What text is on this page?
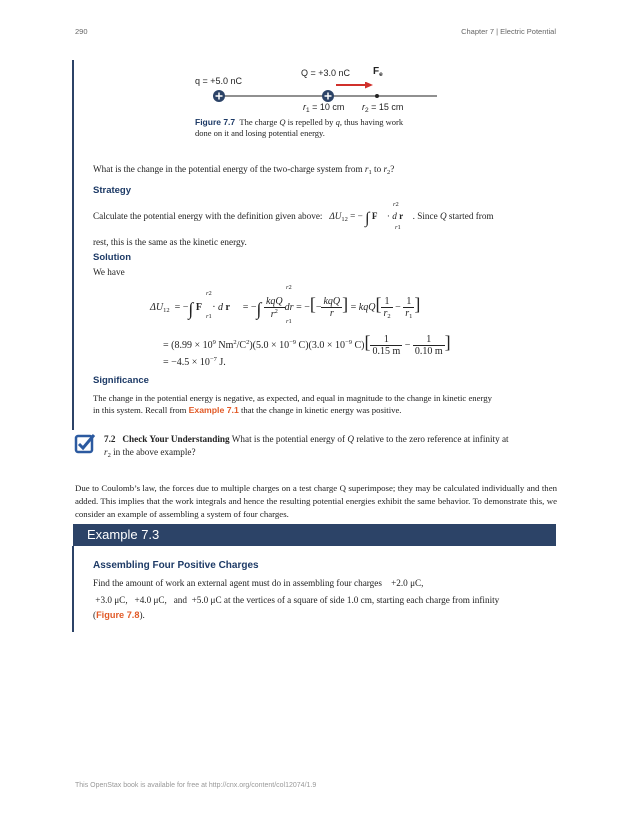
290	Chapter 7 | Electric Potential
q = +5.0 nC
Q = +3.0 nC $F_e$
$r_1 = 10$ cm $r_2 = 15$ cm
Figure 7.7 The charge Q is repelled by q, thus having work
done on it and losing potential energy.
What is the change in the potential energy of the two-charge system from $r_1$ to $r_2$?
Strategy
Calculate the potential energy with the definition given above: $\Delta U_{12}$ = − ∫ F⃗ · d r⃗ . Since Q started from
r2
r1
rest, this is the same as the kinetic energy.
Solution
We have
$\Delta U_{12}$  = −∫ F⃗ · d r⃗  = −∫ $\frac{\text{kqQ}}{r^2}$ dr = −[− $\frac{\text{kqQ}}{r}$ ] = $kqQ[ \frac{1}{r_2} - \frac{1}{r_1}$ ]
r2
r1
r2
r1
= ($8.99 \times 10^9$ $Nm^2/C^2)(5.0 \times 10^{-9}$ $C)(3.0 \times 10^{-9}$ $C)[ \frac{1}{0.15 m} - \frac{1}{0.10 m}$ ]
= $-4.5 \times 10^{-7}$ J.
Significance
The change in the potential energy is negative, as expected, and equal in magnitude to the change in kinetic energy
in this system. Recall from Example 7.1 that the change in kinetic energy was positive.
7.2 Check Your Understanding What is the potential energy of Q relative to the zero reference at infinity at
$r_2$ in the above example?
Due to Coulomb’s law, the forces due to multiple charges on a test charge Q superimpose; they may be calculated individually and then added. This implies that the work integrals and hence the resulting potential energies exhibit the same behavior. To demonstrate this, we consider an example of assembling a system of four charges.
Example 7.3
Assembling Four Positive Charges
Find the amount of work an external agent must do in assembling four charges +2.0 μC,
+3.0 μC, +4.0 μC, and +5.0 μC at the vertices of a square of side 1.0 cm, starting each charge from infinity
(Figure 7.8).
This OpenStax book is available for free at http://cnx.org/content/col12074/1.9
